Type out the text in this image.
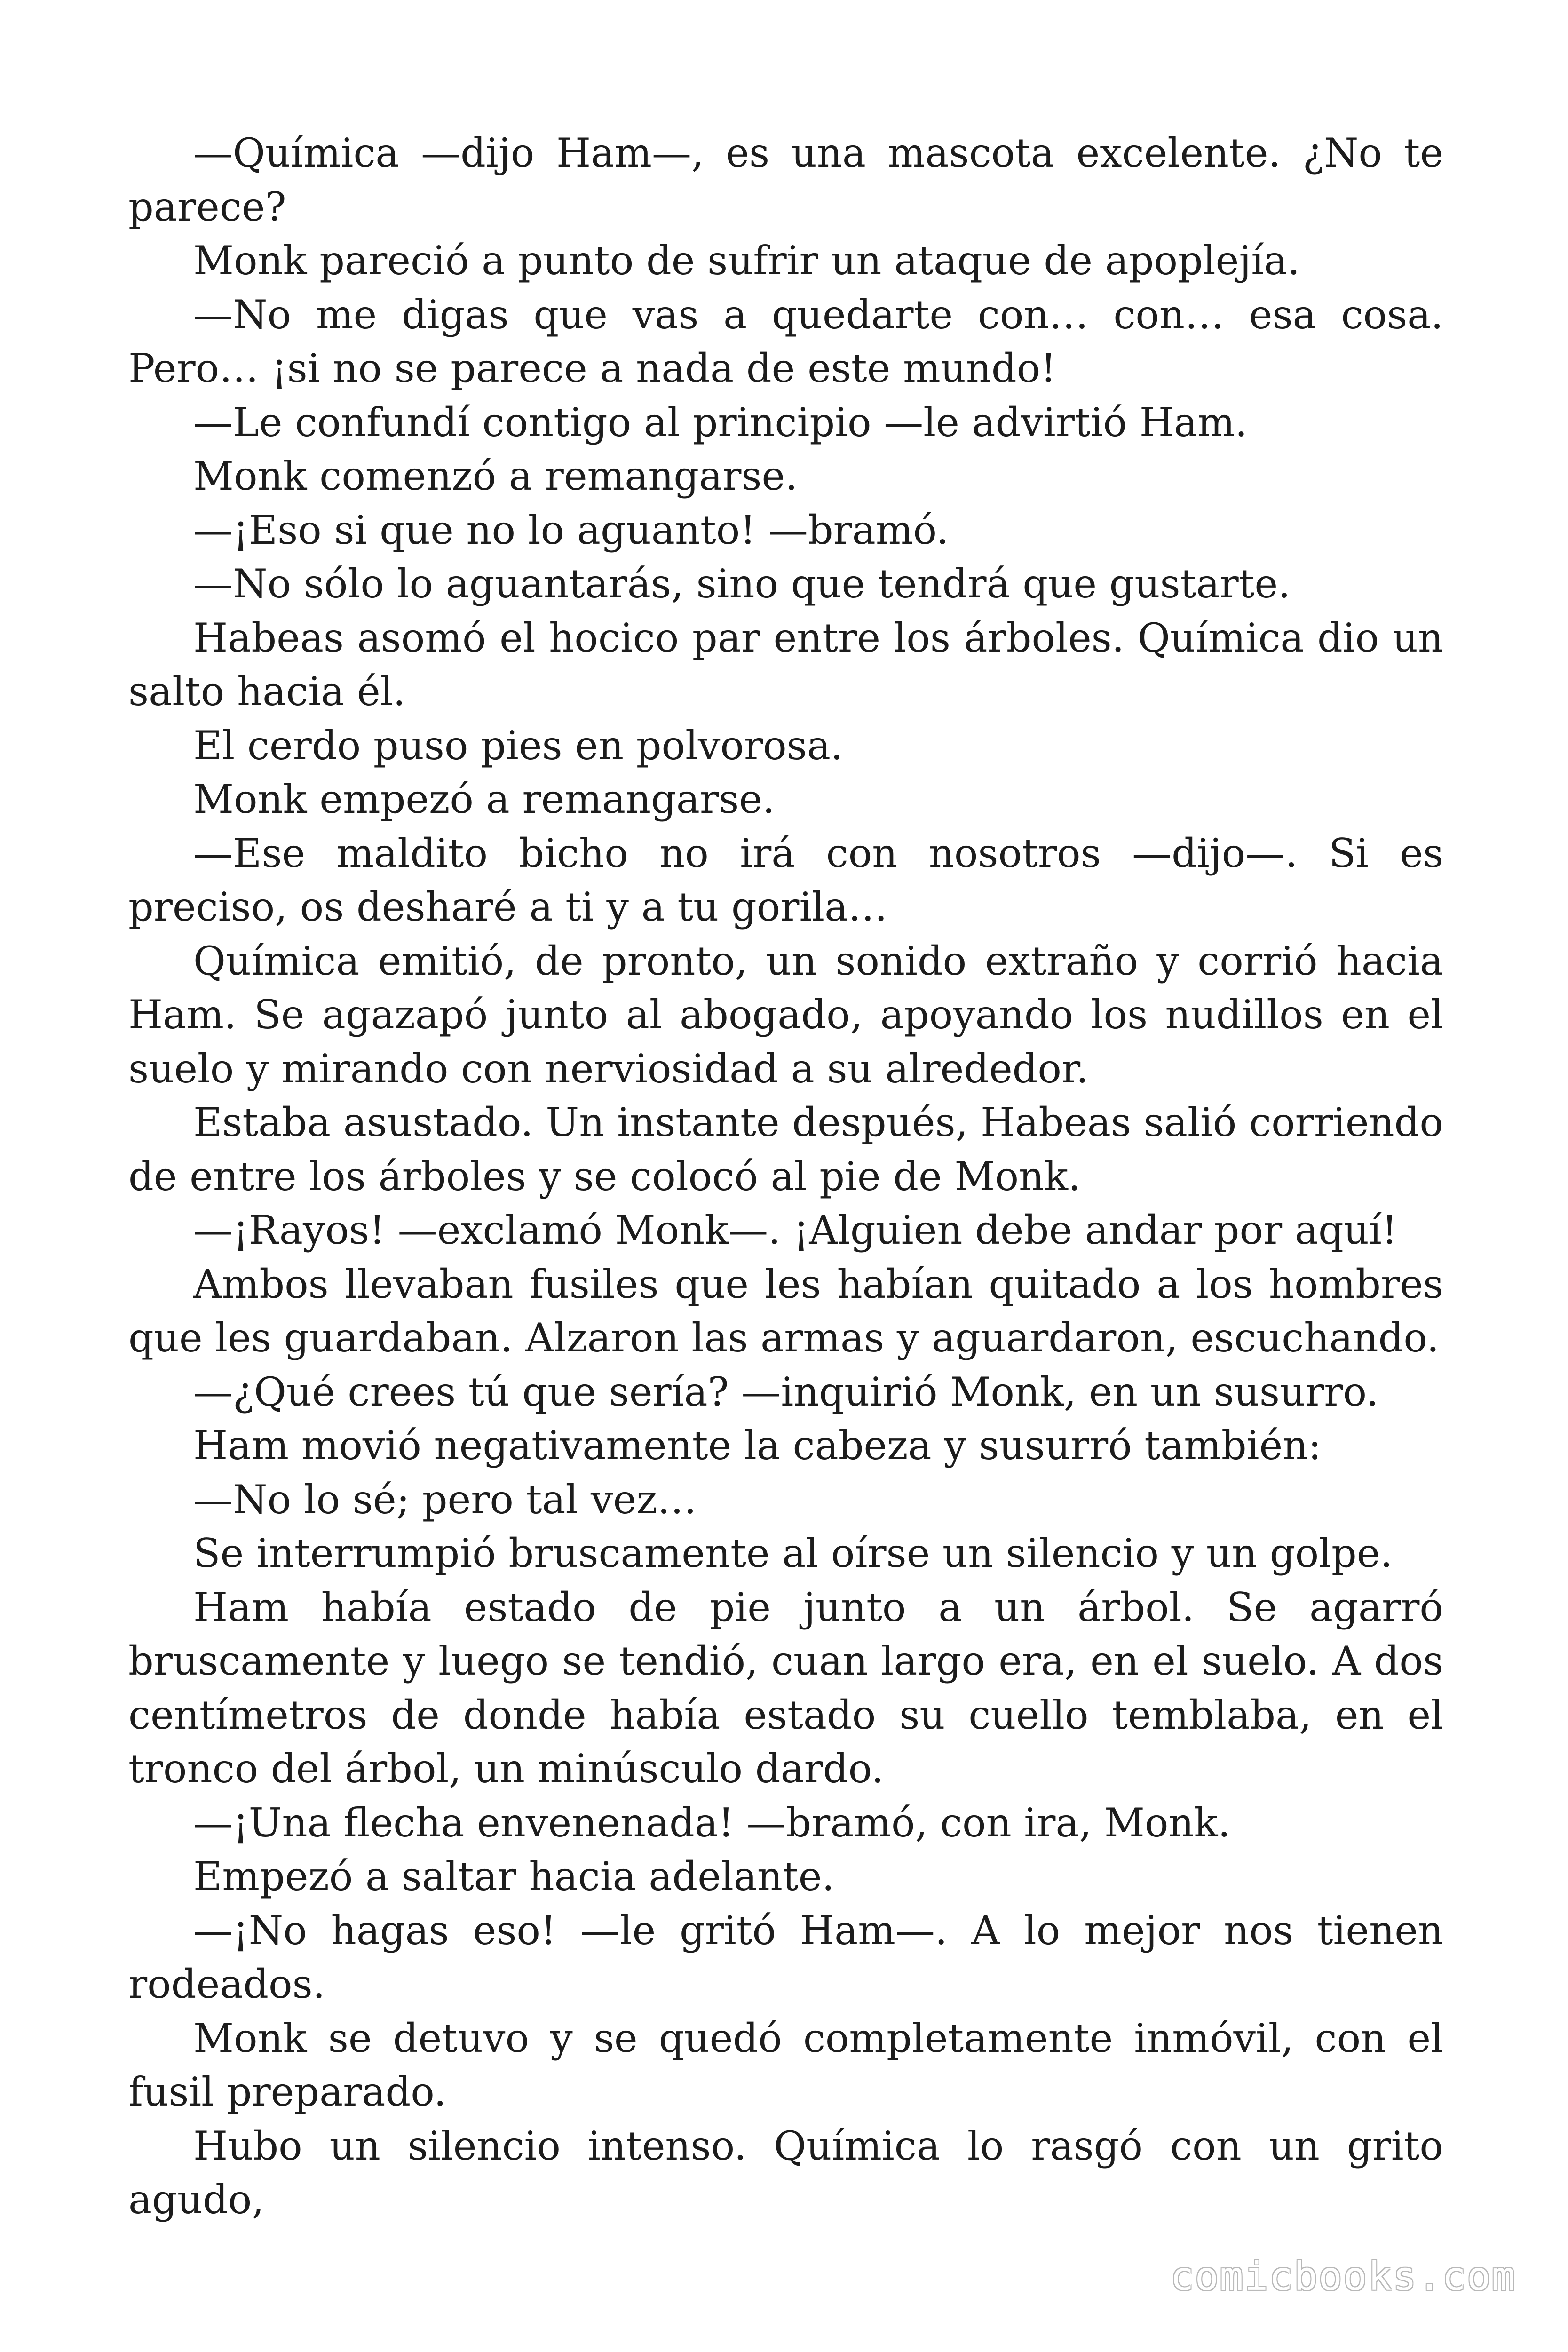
—Química —dijo Ham—, es una mascota excelente. ¿No te parece?

Monk pareció a punto de sufrir un ataque de apoplejía.

—No me digas que vas a quedarte con… con… esa cosa. Pero… ¡si no se parece a nada de este mundo!

—Le confundí contigo al principio —le advirtió Ham.

Monk comenzó a remangarse.

—¡Eso si que no lo aguanto! —bramó.

—No sólo lo aguantarás, sino que tendrá que gustarte.

Habeas asomó el hocico par entre los árboles. Química dio un salto hacia él.

El cerdo puso pies en polvorosa.

Monk empezó a remangarse.

—Ese maldito bicho no irá con nosotros —dijo—. Si es preciso, os desharé a ti y a tu gorila…

Química emitió, de pronto, un sonido extraño y corrió hacia Ham. Se agazapó junto al abogado, apoyando los nudillos en el suelo y mirando con nerviosidad a su alrededor.

Estaba asustado. Un instante después, Habeas salió corriendo de entre los árboles y se colocó al pie de Monk.

—¡Rayos! —exclamó Monk—. ¡Alguien debe andar por aquí!

Ambos llevaban fusiles que les habían quitado a los hombres que les guardaban. Alzaron las armas y aguardaron, escuchando.

—¿Qué crees tú que sería? —inquirió Monk, en un susurro.

Ham movió negativamente la cabeza y susurró también:

—No lo sé; pero tal vez…

Se interrumpió bruscamente al oírse un silencio y un golpe.

Ham había estado de pie junto a un árbol. Se agarró bruscamente y luego se tendió, cuan largo era, en el suelo. A dos centímetros de donde había estado su cuello temblaba, en el tronco del árbol, un minúsculo dardo.

—¡Una flecha envenenada! —bramó, con ira, Monk.

Empezó a saltar hacia adelante.

—¡No hagas eso! —le gritó Ham—. A lo mejor nos tienen rodeados.

Monk se detuvo y se quedó completamente inmóvil, con el fusil preparado.

Hubo un silencio intenso. Química lo rasgó con un grito agudo,

comicbooks.com
